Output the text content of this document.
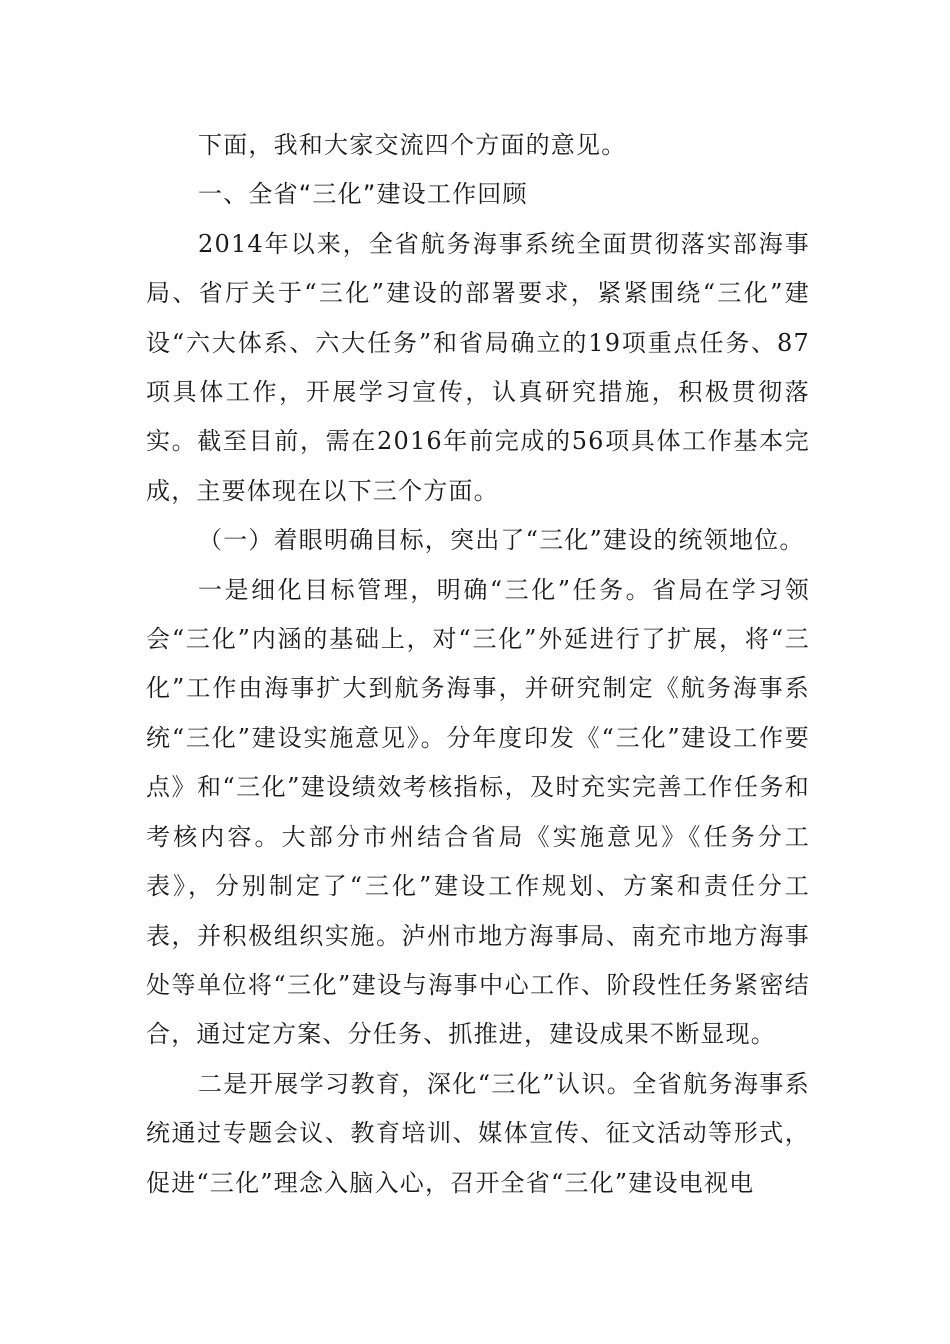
下面，我和大家交流四个方面的意见。

一、全省“三化”建设工作回顾

2014年以来，全省航务海事系统全面贯彻落实部海事局、省厅关于“三化”建设的部署要求，紧紧围绕“三化”建设“六大体系、六大任务”和省局确立的19项重点任务、87项具体工作，开展学习宣传，认真研究措施，积极贯彻落实。截至目前，需在2016年前完成的56项具体工作基本完成，主要体现在以下三个方面。

（一）着眼明确目标，突出了“三化”建设的统领地位。

一是细化目标管理，明确“三化”任务。省局在学习领会“三化”内涵的基础上，对“三化”外延进行了扩展，将“三化”工作由海事扩大到航务海事，并研究制定《航务海事系统“三化”建设实施意见》。分年度印发《“三化”建设工作要点》和“三化”建设绩效考核指标，及时充实完善工作任务和考核内容。大部分市州结合省局《实施意见》《任务分工表》，分别制定了“三化”建设工作规划、方案和责任分工表，并积极组织实施。泸州市地方海事局、南充市地方海事处等单位将“三化”建设与海事中心工作、阶段性任务紧密结合，通过定方案、分任务、抓推进，建设成果不断显现。

二是开展学习教育，深化“三化”认识。全省航务海事系统通过专题会议、教育培训、媒体宣传、征文活动等形式，促进“三化”理念入脑入心，召开全省“三化”建设电视电
